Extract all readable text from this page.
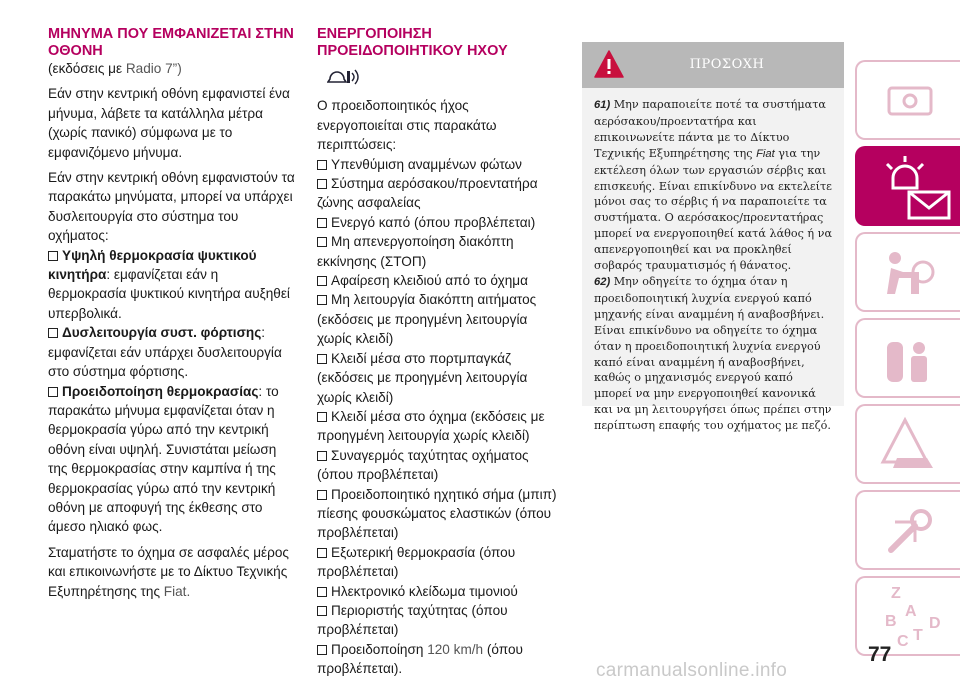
ΜΗΝΥΜΑ ΠΟΥ ΕΜΦΑΝΙΖΕΤΑΙ ΣΤΗΝ ΟΘΟΝΗ
(εκδόσεις με Radio 7”)
Εάν στην κεντρική οθόνη εμφανιστεί ένα μήνυμα, λάβετε τα κατάλληλα μέτρα (χωρίς πανικό) σύμφωνα με το εμφανιζόμενο μήνυμα.
Εάν στην κεντρική οθόνη εμφανιστούν τα παρακάτω μηνύματα, μπορεί να υπάρχει δυσλειτουργία στο σύστημα του οχήματος:
Υψηλή θερμοκρασία ψυκτικού κινητήρα: εμφανίζεται εάν η θερμοκρασία ψυκτικού κινητήρα αυξηθεί υπερβολικά.
Δυσλειτουργία συστ. φόρτισης: εμφανίζεται εάν υπάρχει δυσλειτουργία στο σύστημα φόρτισης.
Προειδοποίηση θερμοκρασίας: το παρακάτω μήνυμα εμφανίζεται όταν η θερμοκρασία γύρω από την κεντρική οθόνη είναι υψηλή. Συνιστάται μείωση της θερμοκρασίας στην καμπίνα ή της θερμοκρασίας γύρω από την κεντρική οθόνη με αποφυγή της έκθεσης στο άμεσο ηλιακό φως.
Σταματήστε το όχημα σε ασφαλές μέρος και επικοινωνήστε με το Δίκτυο Τεχνικής Εξυπηρέτησης της Fiat.
ΕΝΕΡΓΟΠΟΙΗΣΗ ΠΡΟΕΙΔΟΠΟΙΗΤΙΚΟΥ ΗΧΟΥ
Ο προειδοποιητικός ήχος ενεργοποιείται στις παρακάτω περιπτώσεις:
Υπενθύμιση αναμμένων φώτων
Σύστημα αερόσακου/προεντατήρα ζώνης ασφαλείας
Ενεργό καπό (όπου προβλέπεται)
Μη απενεργοποίηση διακόπτη εκκίνησης (ΣΤΟΠ)
Αφαίρεση κλειδιού από το όχημα
Μη λειτουργία διακόπτη αιτήματος (εκδόσεις με προηγμένη λειτουργία χωρίς κλειδί)
Κλειδί μέσα στο πορτμπαγκάζ (εκδόσεις με προηγμένη λειτουργία χωρίς κλειδί)
Κλειδί μέσα στο όχημα (εκδόσεις με προηγμένη λειτουργία χωρίς κλειδί)
Συναγερμός ταχύτητας οχήματος (όπου προβλέπεται)
Προειδοποιητικό ηχητικό σήμα (μπιπ) πίεσης φουσκώματος ελαστικών (όπου προβλέπεται)
Εξωτερική θερμοκρασία (όπου προβλέπεται)
Ηλεκτρονικό κλείδωμα τιμονιού
Περιοριστής ταχύτητας (όπου προβλέπεται)
Προειδοποίηση 120 km/h (όπου προβλέπεται).
ΠΡΟΣΟΧΗ
61) Μην παραποιείτε ποτέ τα συστήματα αερόσακου/προεντατήρα και επικοινωνείτε πάντα με το Δίκτυο Τεχνικής Εξυπηρέτησης της Fiat για την εκτέλεση όλων των εργασιών σέρβις και επισκευής. Είναι επικίνδυνο να εκτελείτε μόνοι σας το σέρβις ή να παραποιείτε τα συστήματα. Ο αερόσακος/προεντατήρας μπορεί να ενεργοποιηθεί κατά λάθος ή να απενεργοποιηθεί και να προκληθεί σοβαρός τραυματισμός ή θάνατος.
62) Μην οδηγείτε το όχημα όταν η προειδοποιητική λυχνία ενεργού καπό μηχανής είναι αναμμένη ή αναβοσβήνει. Είναι επικίνδυνο να οδηγείτε το όχημα όταν η προειδοποιητική λυχνία ενεργού καπό είναι αναμμένη ή αναβοσβήνει, καθώς ο μηχανισμός ενεργού καπό μπορεί να μην ενεργοποιηθεί κανονικά και να μη λειτουργήσει όπως πρέπει στην περίπτωση επαφής του οχήματος με πεζό.
Z
B
A
C T
D
77
carmanualsonline.info
